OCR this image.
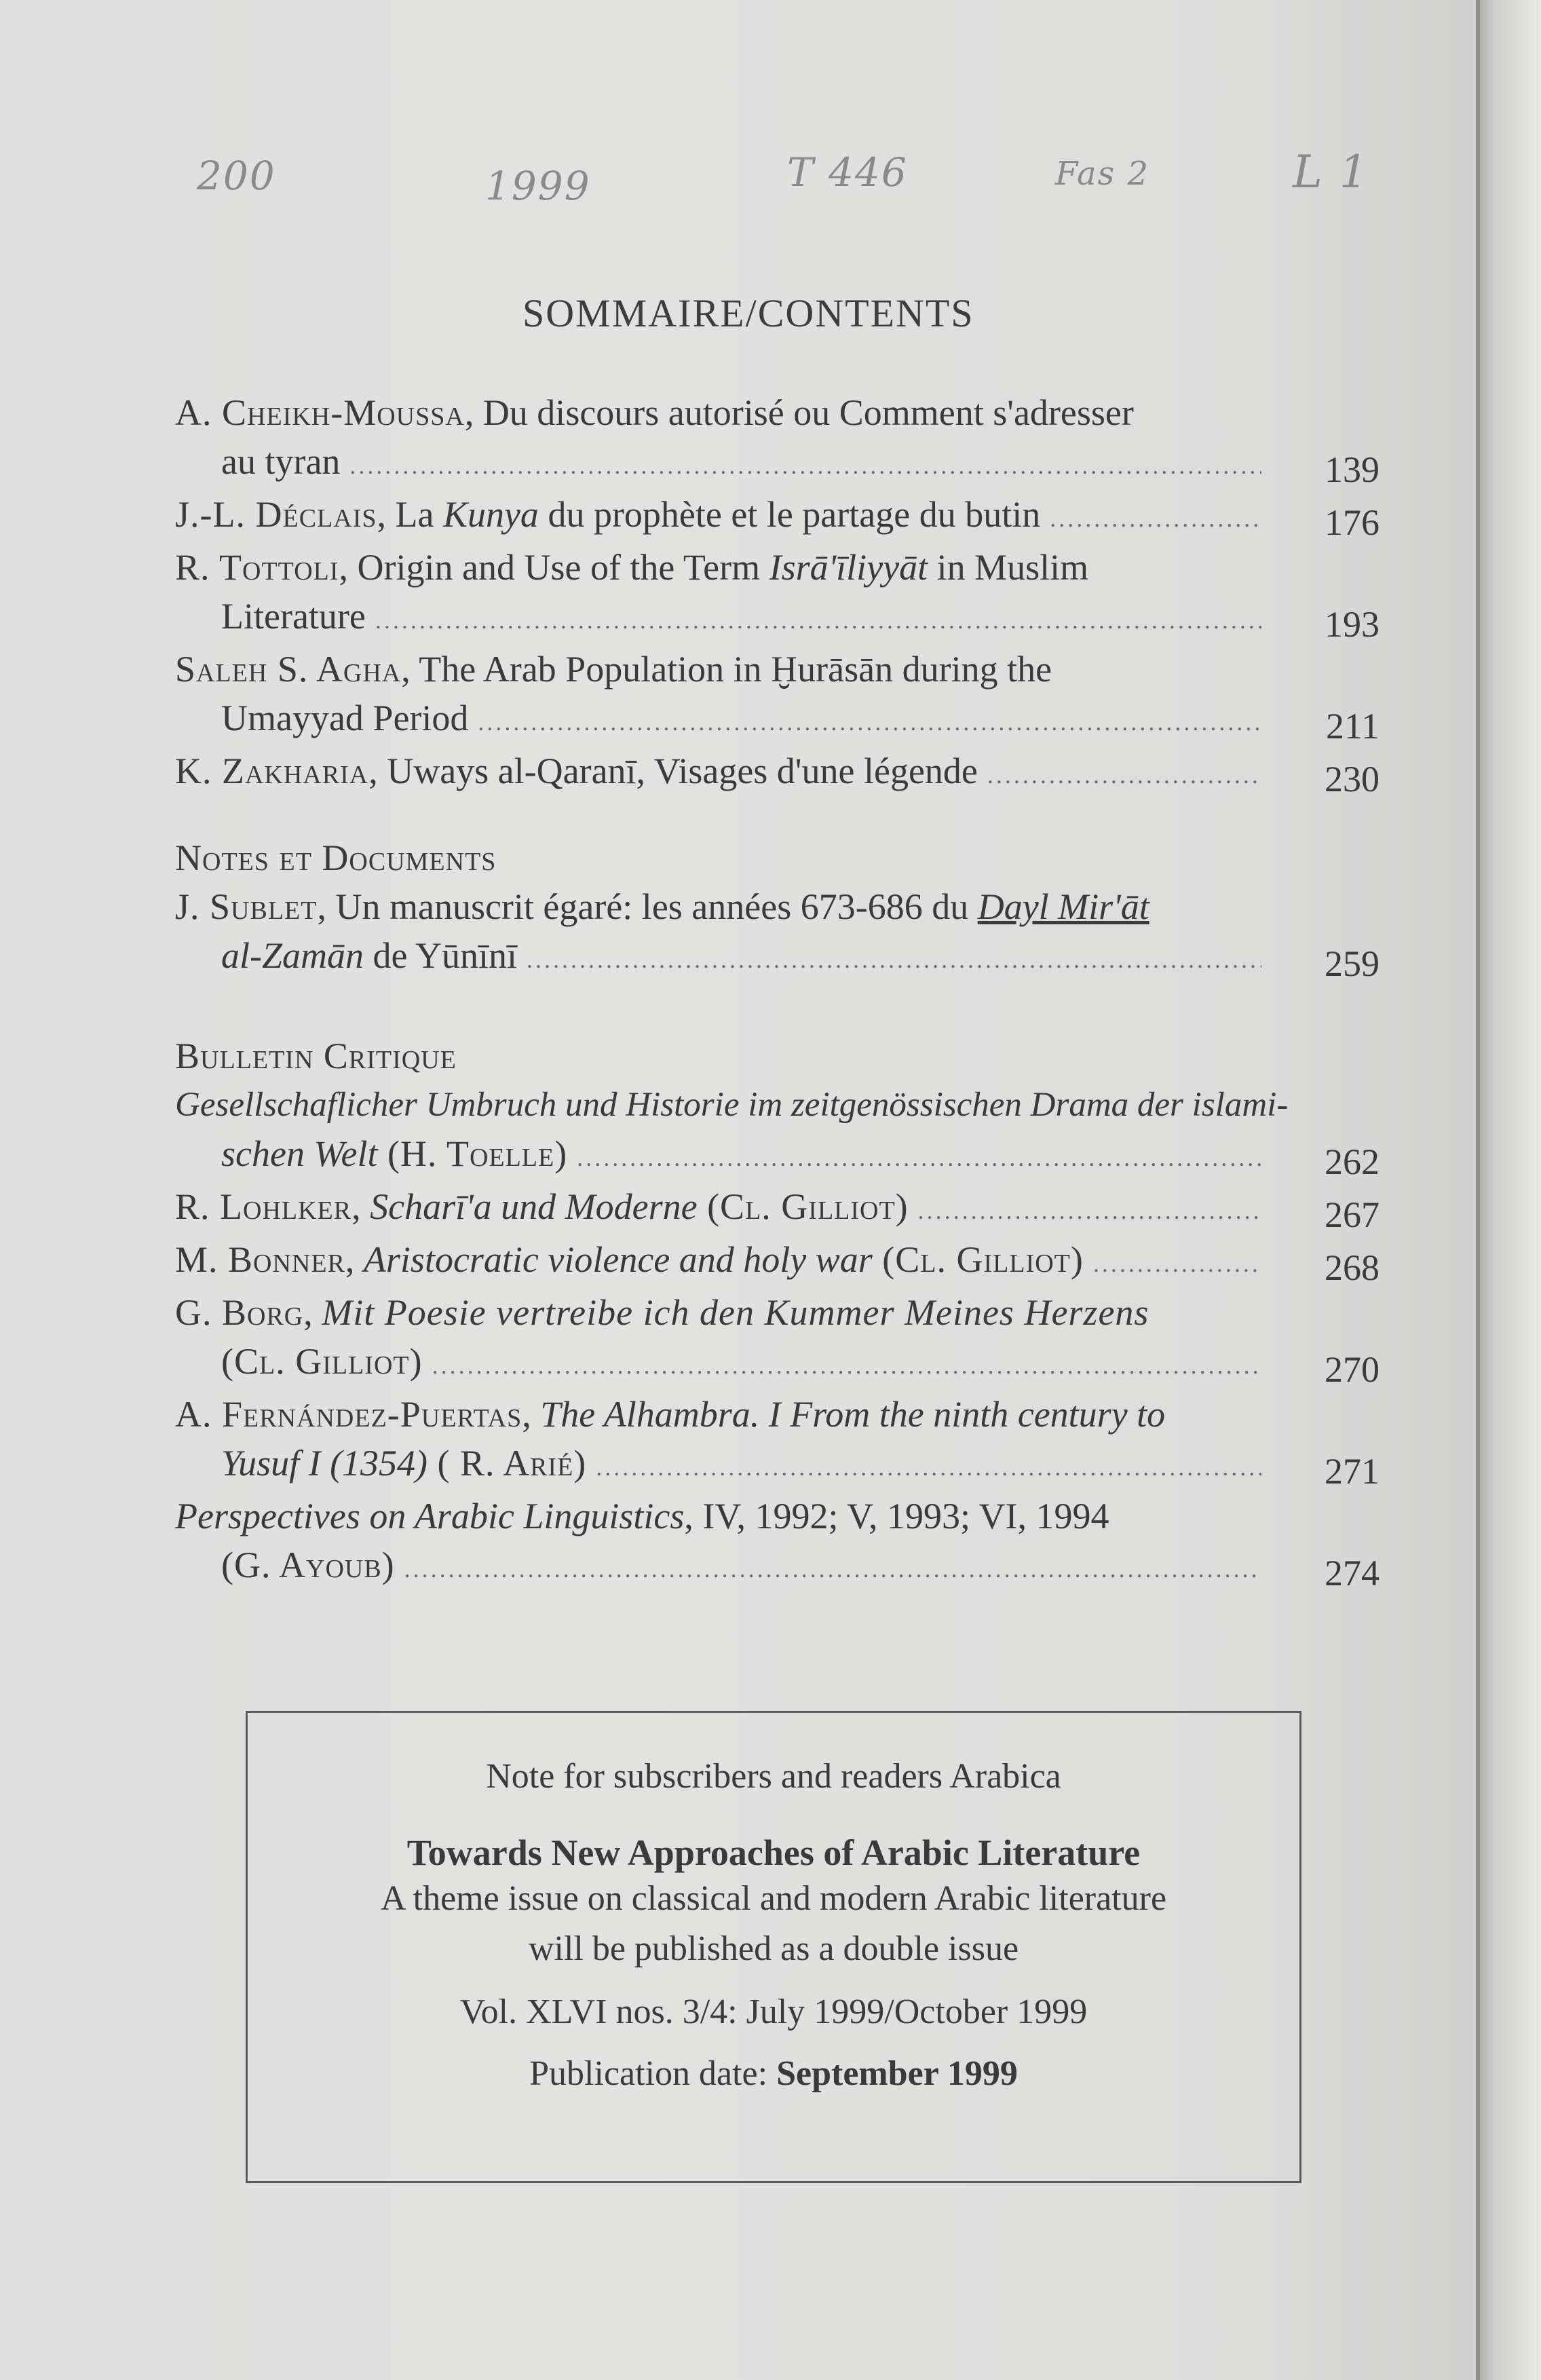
200	1999	T 446	Fas 2	L 1
SOMMAIRE/CONTENTS
A. Cheikh-Moussa, Du discours autorisé ou Comment s'adresser
au tyran .....	139
J.-L. Déclais, La Kunya du prophète et le partage du butin .....	176
R. Tottoli, Origin and Use of the Term Isrā'īliyyāt in Muslim
Literature .....	193
Saleh S. Agha, The Arab Population in Ḫurāsān during the
Umayyad Period .....	211
K. Zakharia, Uways al-Qaranī, Visages d'une légende .....	230
Notes et Documents
J. Sublet, Un manuscrit égaré: les années 673-686 du Dayl Mir'āt
al-Zamān de Yūnīnī .....	259
Bulletin Critique
Gesellschaflicher Umbruch und Historie im zeitgenössischen Drama der islami-
schen Welt (H. Toelle) .....	262
R. Lohlker, Scharī'a und Moderne (Cl. Gilliot) .....	267
M. Bonner, Aristocratic violence and holy war (Cl. Gilliot) .....	268
G. Borg, Mit Poesie vertreibe ich den Kummer Meines Herzens
(Cl. Gilliot) .....	270
A. Fernández-Puertas, The Alhambra. I From the ninth century to
Yusuf I (1354) ( R. Arié) .....	271
Perspectives on Arabic Linguistics, IV, 1992; V, 1993; VI, 1994
(G. Ayoub) .....	274
Note for subscribers and readers Arabica
Towards New Approaches of Arabic Literature
A theme issue on classical and modern Arabic literature
will be published as a double issue
Vol. XLVI nos. 3/4: July 1999/October 1999
Publication date: September 1999
